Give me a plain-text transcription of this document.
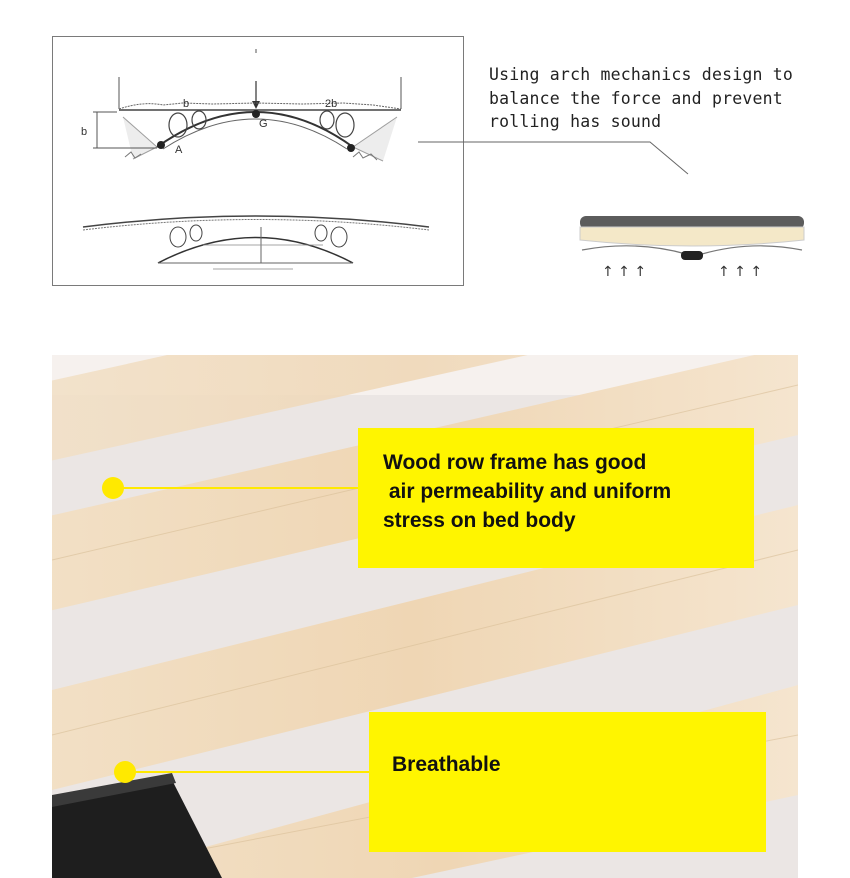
b	2b
b
G
A
Using arch mechanics design to
balance the force and prevent
rolling has sound
↑ ↑ ↑	↑ ↑ ↑
Wood row frame has good
air permeability and uniform
stress on bed body
Breathable
